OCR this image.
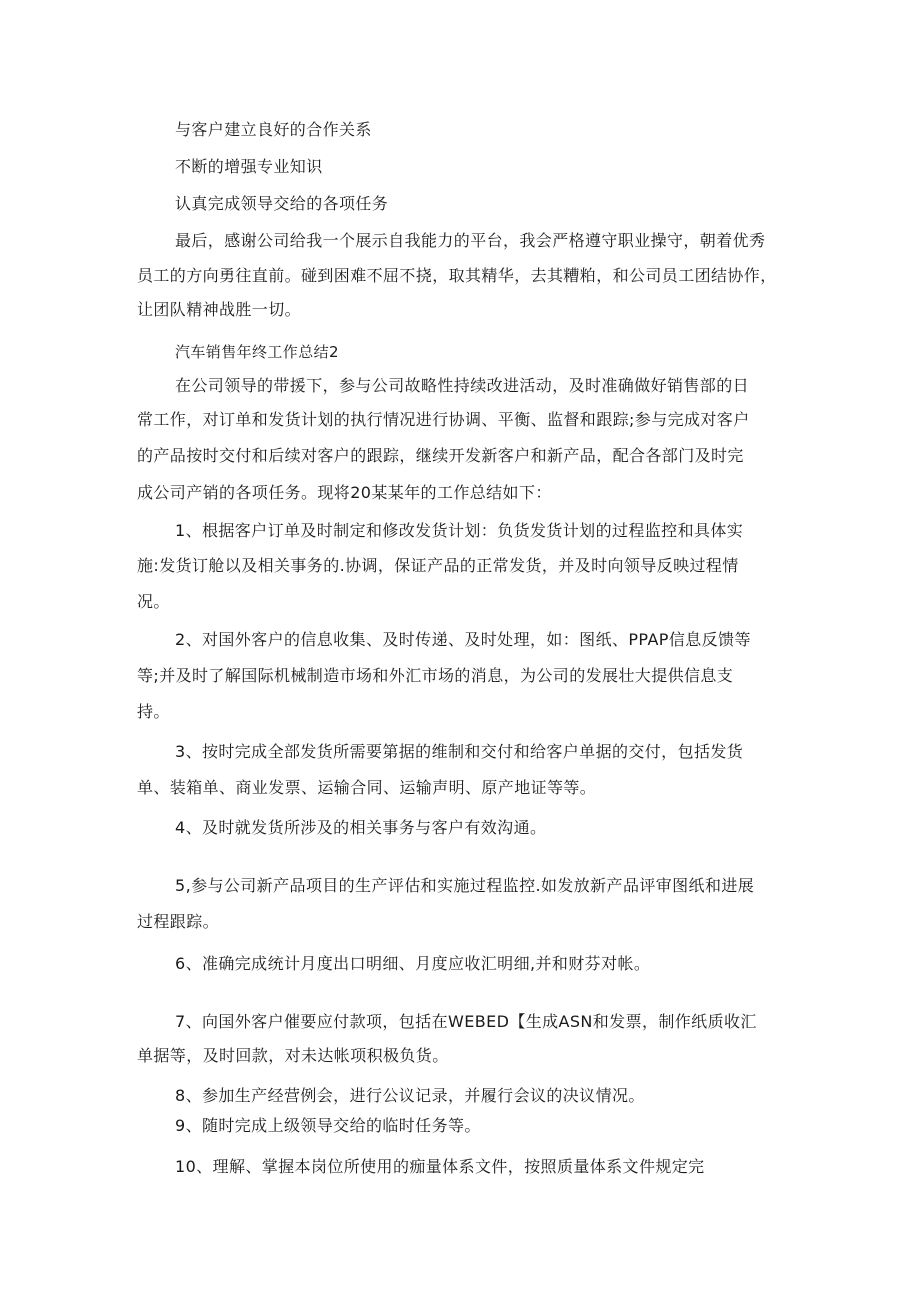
与客户建立良好的合作关系

不断的增强专业知识

认真完成领导交给的各项任务

最后，感谢公司给我一个展示自我能力的平台，我会严格遵守职业操守，朝着优秀

员工的方向勇往直前。碰到困难不屈不挠，取其精华，去其糟粕，和公司员工团结协作，

让团队精神战胜一切。

汽车销售年终工作总结2

在公司领导的带援下，参与公司故略性持续改进活动，及时准确做好销售部的日

常工作，对订单和发货计划的执行情况进行协调、平衡、监督和跟踪;参与完成对客户

的产品按时交付和后续对客户的跟踪，继续开发新客户和新产品，配合各部门及时完

成公司产销的各项任务。现将20某某年的工作总结如下：

1、根据客户订单及时制定和修改发货计划：负货发货计划的过程监控和具体实

施:发货订舱以及相关事务的.协调，保证产品的正常发货，并及时向领导反映过程情

况。

2、对国外客户的信息收集、及时传递、及时处理，如：图纸、PPAP信息反馈等

等;并及时了解国际机械制造市场和外汇市场的消息，为公司的发展壮大提供信息支

持。

3、按时完成全部发货所需要第据的维制和交付和给客户单据的交付，包括发货

单、装箱单、商业发票、运输合同、运输声明、原产地证等等。

4、及时就发货所涉及的相关事务与客户有效沟通。

5,参与公司新产品项目的生产评估和实施过程监控.如发放新产品评审图纸和进展

过程跟踪。

6、准确完成统计月度出口明细、月度应收汇明细,并和财芬对帐。

7、向国外客户催要应付款项，包括在WEBED【生成ASN和发票，制作纸质收汇

单据等，及时回款，对未达帐项积极负货。

8、参加生产经营例会，进行公议记录，并履行会议的决议情况。

9、随时完成上级领导交给的临时任务等。

10、理解、掌握本岗位所使用的痂量体系文件，按照质量体系文件规定完
